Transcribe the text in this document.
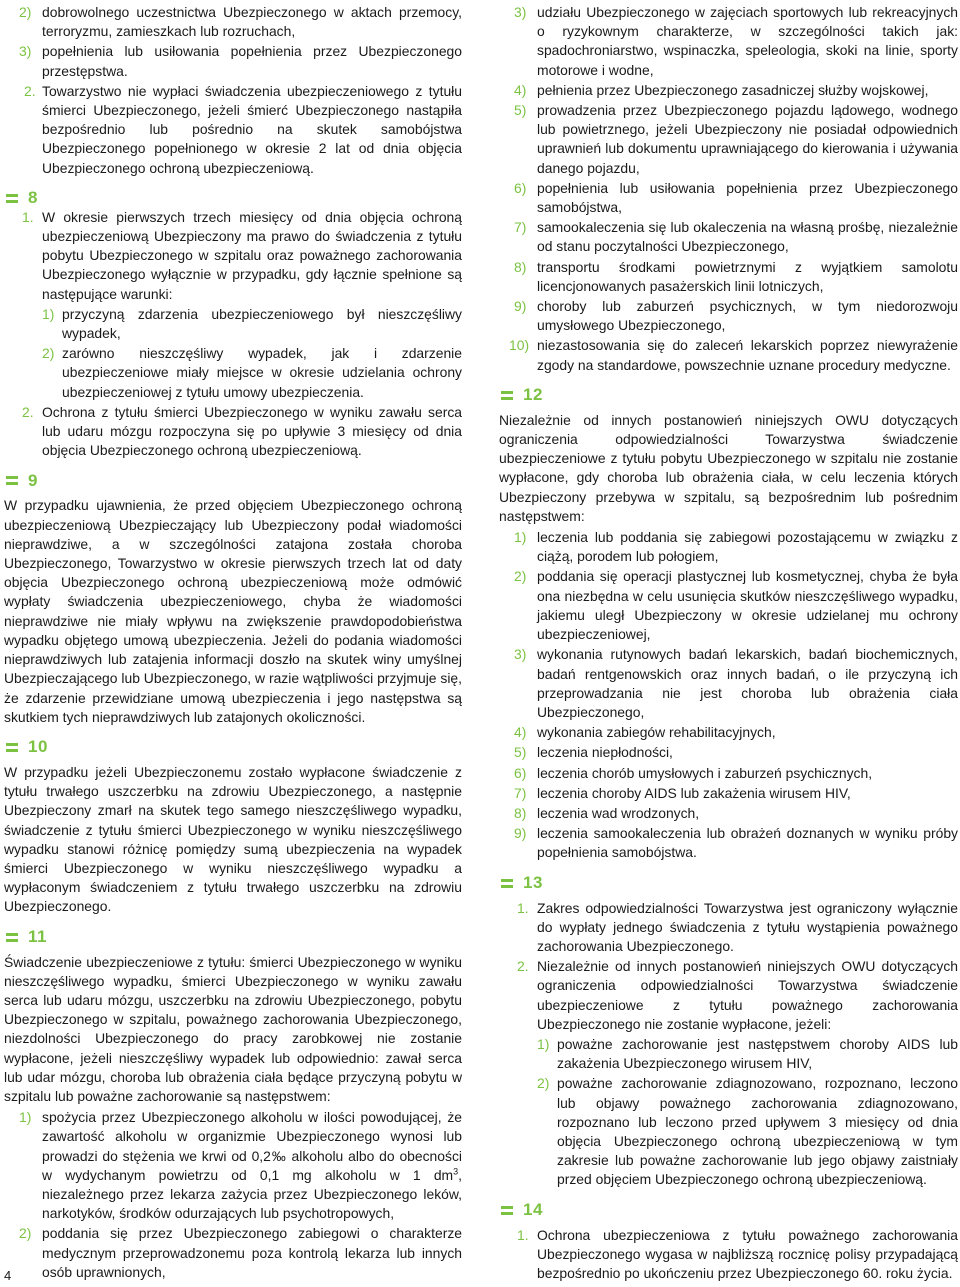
2) dobrowolnego uczestnictwa Ubezpieczonego w aktach przemocy, terroryzmu, zamieszkach lub rozruchach,
3) popełnienia lub usiłowania popełnienia przez Ubezpieczonego przestępstwa.
2. Towarzystwo nie wypłaci świadczenia ubezpieczeniowego z tytułu śmierci Ubezpieczonego, jeżeli śmierć Ubezpieczonego nastąpiła bezpośrednio lub pośrednio na skutek samobójstwa Ubezpieczonego popełnionego w okresie 2 lat od dnia objęcia Ubezpieczonego ochroną ubezpieczeniową.
8
1. W okresie pierwszych trzech miesięcy od dnia objęcia ochroną ubezpieczeniową Ubezpieczony ma prawo do świadczenia z tytułu pobytu Ubezpieczonego w szpitalu oraz poważnego zachorowania Ubezpieczonego wyłącznie w przypadku, gdy łącznie spełnione są następujące warunki:
1) przyczyną zdarzenia ubezpieczeniowego był nieszczęśliwy wypadek,
2) zarówno nieszczęśliwy wypadek, jak i zdarzenie ubezpieczeniowe miały miejsce w okresie udzielania ochrony ubezpieczeniowej z tytułu umowy ubezpieczenia.
2. Ochrona z tytułu śmierci Ubezpieczonego w wyniku zawału serca lub udaru mózgu rozpoczyna się po upływie 3 miesięcy od dnia objęcia Ubezpieczonego ochroną ubezpieczeniową.
9

W przypadku ujawnienia, że przed objęciem Ubezpieczonego ochroną ubezpieczeniową Ubezpieczający lub Ubezpieczony podał wiadomości nieprawdziwe, a w szczególności zatajona została choroba Ubezpieczonego, Towarzystwo w okresie pierwszych trzech lat od daty objęcia Ubezpieczonego ochroną ubezpieczeniową może odmówić wypłaty świadczenia ubezpieczeniowego, chyba że wiadomości nieprawdziwe nie miały wpływu na zwiększenie prawdopodobieństwa wypadku objętego umową ubezpieczenia. Jeżeli do podania wiadomości nieprawdziwych lub zatajenia informacji doszło na skutek winy umyślnej Ubezpieczającego lub Ubezpieczonego, w razie wątpliwości przyjmuje się, że zdarzenie przewidziane umową ubezpieczenia i jego następstwa są skutkiem tych nieprawdziwych lub zatajonych okoliczności.

10

W przypadku jeżeli Ubezpieczonemu zostało wypłacone świadczenie z tytułu trwałego uszczerbku na zdrowiu Ubezpieczonego, a następnie Ubezpieczony zmarł na skutek tego samego nieszczęśliwego wypadku, świadczenie z tytułu śmierci Ubezpieczonego w wyniku nieszczęśliwego wypadku stanowi różnicę pomiędzy sumą ubezpieczenia na wypadek śmierci Ubezpieczonego w wyniku nieszczęśliwego wypadku a wypłaconym świadczeniem z tytułu trwałego uszczerbku na zdrowiu Ubezpieczonego.

11

Świadczenie ubezpieczeniowe z tytułu: śmierci Ubezpieczonego w wyniku nieszczęśliwego wypadku, śmierci Ubezpieczonego w wyniku zawału serca lub udaru mózgu, uszczerbku na zdrowiu Ubezpieczonego, pobytu Ubezpieczonego w szpitalu, poważnego zachorowania Ubezpieczonego, niezdolności Ubezpieczonego do pracy zarobkowej nie zostanie wypłacone, jeżeli nieszczęśliwy wypadek lub odpowiednio: zawał serca lub udar mózgu, choroba lub obrażenia ciała będące przyczyną pobytu w szpitalu lub poważne zachorowanie są następstwem:

1) spożycia przez Ubezpieczonego alkoholu w ilości powodującej, że zawartość alkoholu w organizmie Ubezpieczonego wynosi lub prowadzi do stężenia we krwi od 0,2‰ alkoholu albo do obecności w wydychanym powietrzu od 0,1 mg alkoholu w 1 $dm^3$, niezależnego przez lekarza zażycia przez Ubezpieczonego leków, narkotyków, środków odurzających lub psychotropowych,
2) poddania się przez Ubezpieczonego zabiegowi o charakterze medycznym przeprowadzonemu poza kontrolą lekarza lub innych osób uprawnionych,
3) udziału Ubezpieczonego w zajęciach sportowych lub rekreacyjnych o ryzykownym charakterze, w szczególności takich jak: spadochroniarstwo, wspinaczka, speleologia, skoki na linie, sporty motorowe i wodne,
4) pełnienia przez Ubezpieczonego zasadniczej służby wojskowej,
5) prowadzenia przez Ubezpieczonego pojazdu lądowego, wodnego lub powietrznego, jeżeli Ubezpieczony nie posiadał odpowiednich uprawnień lub dokumentu uprawniającego do kierowania i używania danego pojazdu,
6) popełnienia lub usiłowania popełnienia przez Ubezpieczonego samobójstwa,
7) samookaleczenia się lub okaleczenia na własną prośbę, niezależnie od stanu poczytalności Ubezpieczonego,
8) transportu środkami powietrznymi z wyjątkiem samolotu licencjonowanych pasażerskich linii lotniczych,
9) choroby lub zaburzeń psychicznych, w tym niedorozwoju umysłowego Ubezpieczonego,
10) niezastosowania się do zaleceń lekarskich poprzez niewyrażenie zgody na standardowe, powszechnie uznane procedury medyczne.
12

Niezależnie od innych postanowień niniejszych OWU dotyczących ograniczenia odpowiedzialności Towarzystwa świadczenie ubezpieczeniowe z tytułu pobytu Ubezpieczonego w szpitalu nie zostanie wypłacone, gdy choroba lub obrażenia ciała, w celu leczenia których Ubezpieczony przebywa w szpitalu, są bezpośrednim lub pośrednim następstwem:

1) leczenia lub poddania się zabiegowi pozostającemu w związku z ciążą, porodem lub połogiem,
2) poddania się operacji plastycznej lub kosmetycznej, chyba że była ona niezbędna w celu usunięcia skutków nieszczęśliwego wypadku, jakiemu uległ Ubezpieczony w okresie udzielanej mu ochrony ubezpieczeniowej,
3) wykonania rutynowych badań lekarskich, badań biochemicznych, badań rentgenowskich oraz innych badań, o ile przyczyną ich przeprowadzania nie jest choroba lub obrażenia ciała Ubezpieczonego,
4) wykonania zabiegów rehabilitacyjnych,
5) leczenia niepłodności,
6) leczenia chorób umysłowych i zaburzeń psychicznych,
7) leczenia choroby AIDS lub zakażenia wirusem HIV,
8) leczenia wad wrodzonych,
9) leczenia samookaleczenia lub obrażeń doznanych w wyniku próby popełnienia samobójstwa.
13
1. Zakres odpowiedzialności Towarzystwa jest ograniczony wyłącznie do wypłaty jednego świadczenia z tytułu wystąpienia poważnego zachorowania Ubezpieczonego.
2. Niezależnie od innych postanowień niniejszych OWU dotyczących ograniczenia odpowiedzialności Towarzystwa świadczenie ubezpieczeniowe z tytułu poważnego zachorowania Ubezpieczonego nie zostanie wypłacone, jeżeli:
1) poważne zachorowanie jest następstwem choroby AIDS lub zakażenia Ubezpieczonego wirusem HIV,
2) poważne zachorowanie zdiagnozowano, rozpoznano, leczono lub objawy poważnego zachorowania zdiagnozowano, rozpoznano lub leczono przed upływem 3 miesięcy od dnia objęcia Ubezpieczonego ochroną ubezpieczeniową w tym zakresie lub poważne zachorowanie lub jego objawy zaistniały przed objęciem Ubezpieczonego ochroną ubezpieczeniową.
14
1. Ochrona ubezpieczeniowa z tytułu poważnego zachorowania Ubezpieczonego wygasa w najbliższą rocznicę polisy przypadającą bezpośrednio po ukończeniu przez Ubezpieczonego 60. roku życia.
4
